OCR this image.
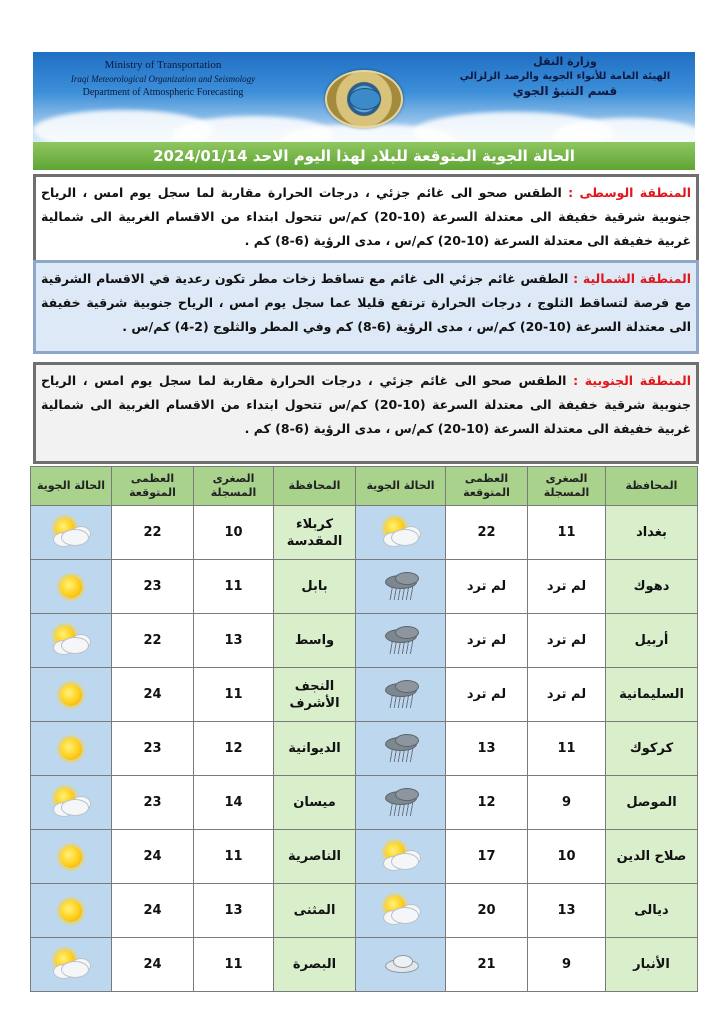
Ministry of Transportation
Iraqi Meteorological Organization and Seismology
Department of Atmospheric Forecasting
وزارة النقل
الهيئة العامة للأنواء الجوية والرصد الزلزالي
قسم التنبؤ الجوي
الحالة الجوية المتوقعة للبلاد لهذا اليوم الاحد 2024/01/14
المنطقة الوسطى : الطقس صحو الى غائم جزئي ، درجات الحرارة مقاربة لما سجل يوم امس ، الرياح جنوبية شرقية خفيفة الى معتدلة السرعة (10-20) كم/س تتحول ابتداء من الاقسام الغربية الى شمالية غربية خفيفة الى معتدلة السرعة (10-20) كم/س ، مدى الرؤية (6-8) كم .
المنطقة الشمالية : الطقس غائم جزئي الى غائم مع تساقط زخات مطر تكون رعدية في الاقسام الشرقية مع فرصة لتساقط الثلوج ، درجات الحرارة ترتفع قليلا عما سجل يوم امس ، الرياح جنوبية شرقية خفيفة الى معتدلة السرعة (10-20) كم/س ، مدى الرؤية (6-8) كم وفي المطر والثلوج (2-4) كم/س .
المنطقة الجنوبية : الطقس صحو الى غائم جزئي ، درجات الحرارة مقاربة لما سجل يوم امس ، الرياح جنوبية شرقية خفيفة الى معتدلة السرعة (10-20) كم/س تتحول ابتداء من الاقسام الغربية الى شمالية غربية خفيفة الى معتدلة السرعة (10-20) كم/س ، مدى الرؤية (6-8) كم .
المحافظة	الصغرى المسجلة	العظمى المتوقعة	الحالة الجوية	المحافظة	الصغرى المسجلة	العظمى المتوقعة	الحالة الجوية
بغداد	11	22		كربلاء المقدسة	10	22	

دهوك	لم ترد	لم ترد		بابل	11	23	

أربيل	لم ترد	لم ترد		واسط	13	22	

السليمانية	لم ترد	لم ترد		النجف الأشرف	11	24	

كركوك	11	13		الديوانية	12	23	

الموصل	9	12		ميسان	14	23	

صلاح الدين	10	17		الناصرية	11	24	

ديالى	13	20		المثنى	13	24	

الأنبار	9	21		البصرة	11	24	
